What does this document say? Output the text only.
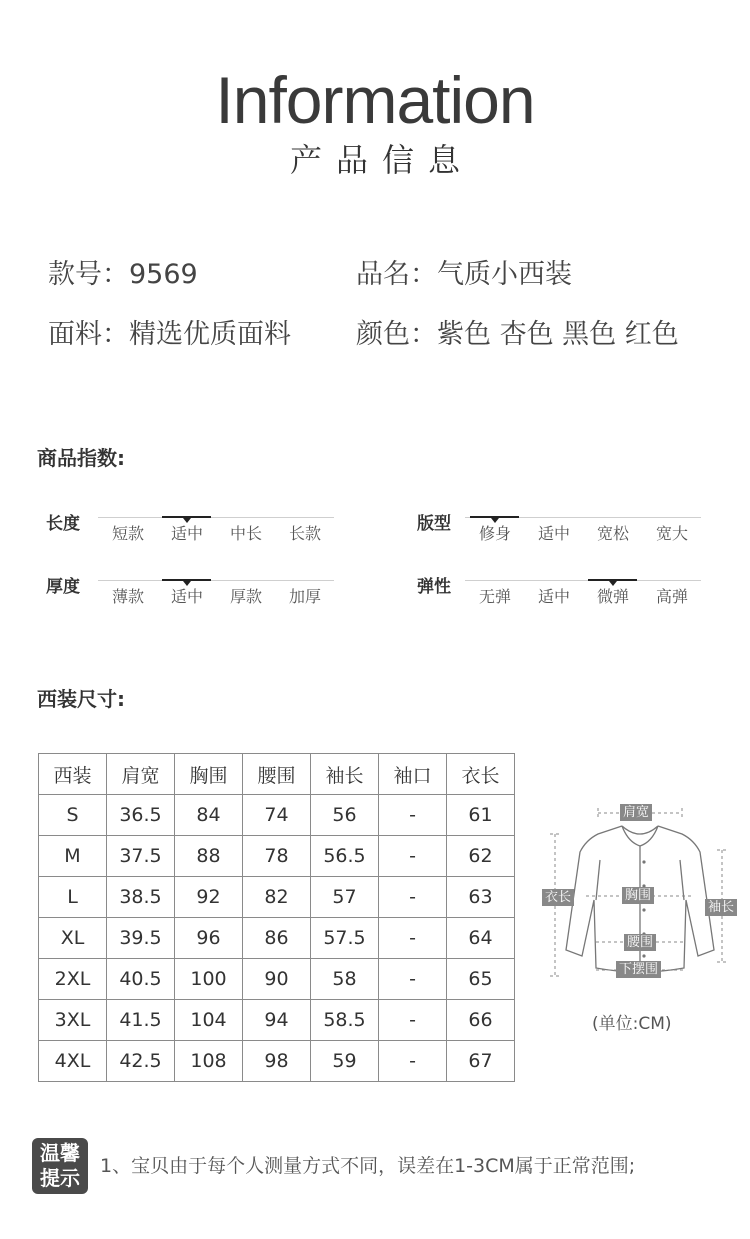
Information
产品信息
款号：9569	品名：气质小西装
面料：精选优质面料 颜色：紫色 杏色 黑色 红色
商品指数:
长度	短款	适中	中长	长款	版型	修身	适中	宽松	宽大
厚度	薄款	适中	厚款	加厚	弹性	无弹	适中	微弹	高弹
西装尺寸:
西装	肩宽	胸围	腰围	袖长	袖口	衣长
S	36.5	84	74	56	-	61
M	37.5	88	78	56.5	-	62
L	38.5	92	82	57	-	63
XL	39.5	96	86	57.5	-	64
2XL	40.5	100	90	58	-	65
3XL	41.5	104	94	58.5	-	66
4XL	42.5	108	98	59	-	67
肩宽
衣长	胸围
袖长
腰围
下摆围
(单位:CM)
温馨
提示 1、宝贝由于每个人测量方式不同，误差在1-3CM属于正常范围;
